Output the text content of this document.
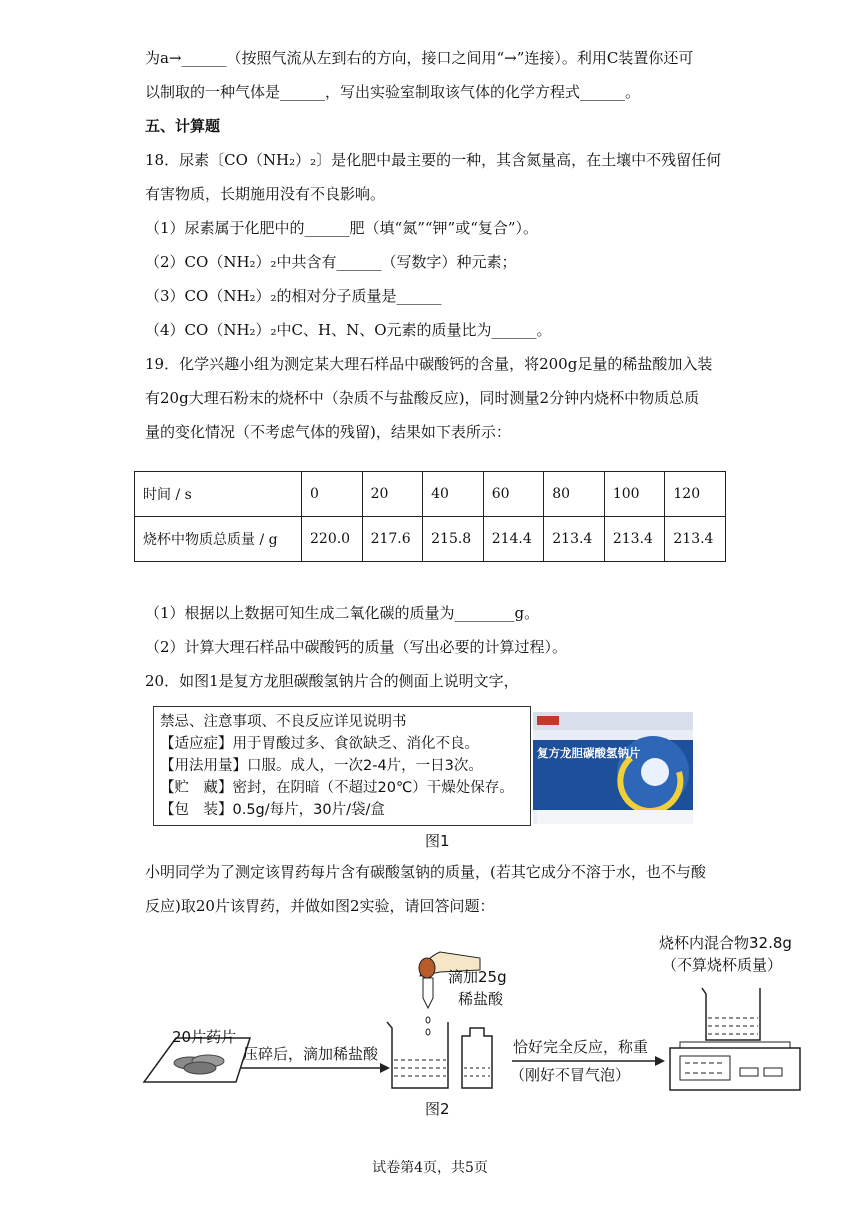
为a→______（按照气流从左到右的方向，接口之间用“→”连接）。利用C装置你还可
以制取的一种气体是______，写出实验室制取该气体的化学方程式______。
五、计算题
18．尿素〔CO（NH₂）₂〕是化肥中最主要的一种，其含氮量高，在土壤中不残留任何
有害物质，长期施用没有不良影响。
（1）尿素属于化肥中的______肥（填“氮”“钾”或“复合”）。
（2）CO（NH₂）₂中共含有______（写数字）种元素；
（3）CO（NH₂）₂的相对分子质量是______
（4）CO（NH₂）₂中C、H、N、O元素的质量比为______。
19．化学兴趣小组为测定某大理石样品中碳酸钙的含量，将200g足量的稀盐酸加入装
有20g大理石粉末的烧杯中（杂质不与盐酸反应)，同时测量2分钟内烧杯中物质总质
量的变化情况（不考虑气体的残留)，结果如下表所示：
时间 / s	0	20	40	60	80	100	120
烧杯中物质总质量 / g	220.0	217.6	215.8	214.4	213.4	213.4	213.4
（1）根据以上数据可知生成二氧化碳的质量为________g。
（2）计算大理石样品中碳酸钙的质量（写出必要的计算过程）。
20．如图1是复方龙胆碳酸氢钠片合的侧面上说明文字，
禁忌、注意事项、不良反应详见说明书
【适应症】用于胃酸过多、食欲缺乏、消化不良。
【用法用量】口服。成人，一次2-4片，一日3次。
【贮　藏】密封，在阴暗（不超过20℃）干燥处保存。
【包　装】0.5g/每片，30片/袋/盒
复方龙胆碳酸氢钠片
图1
小明同学为了测定该胃药每片含有碳酸氢钠的质量，(若其它成分不溶于水，也不与酸
反应)取20片该胃药，并做如图2实验，请回答问题：
20片药片
压碎后，滴加稀盐酸
滴加25g
稀盐酸
恰好完全反应，称重
（刚好不冒气泡）
烧杯内混合物32.8g
（不算烧杯质量）
图2
试卷第4页，共5页
